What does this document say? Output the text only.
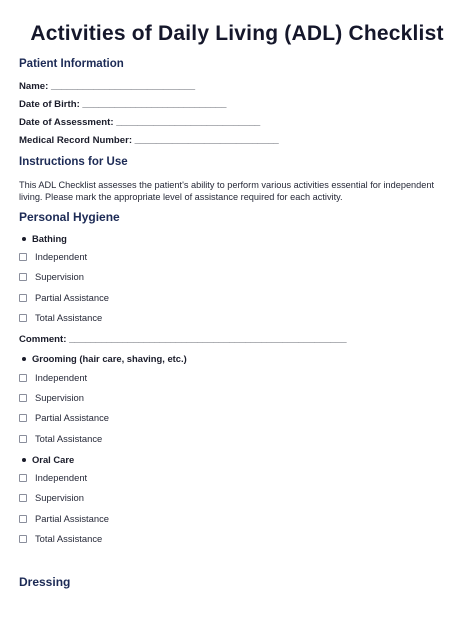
Activities of Daily Living (ADL) Checklist
Patient Information
Name: ___________________________
Date of Birth: ___________________________
Date of Assessment: ___________________________
Medical Record Number: ___________________________
Instructions for Use
This ADL Checklist assesses the patient's ability to perform various activities essential for independent living. Please mark the appropriate level of assistance required for each activity.
Personal Hygiene
Bathing
Independent
Supervision
Partial Assistance
Total Assistance
Comment: ____________________________________________________
Grooming (hair care, shaving, etc.)
Independent
Supervision
Partial Assistance
Total Assistance
Oral Care
Independent
Supervision
Partial Assistance
Total Assistance
Dressing
